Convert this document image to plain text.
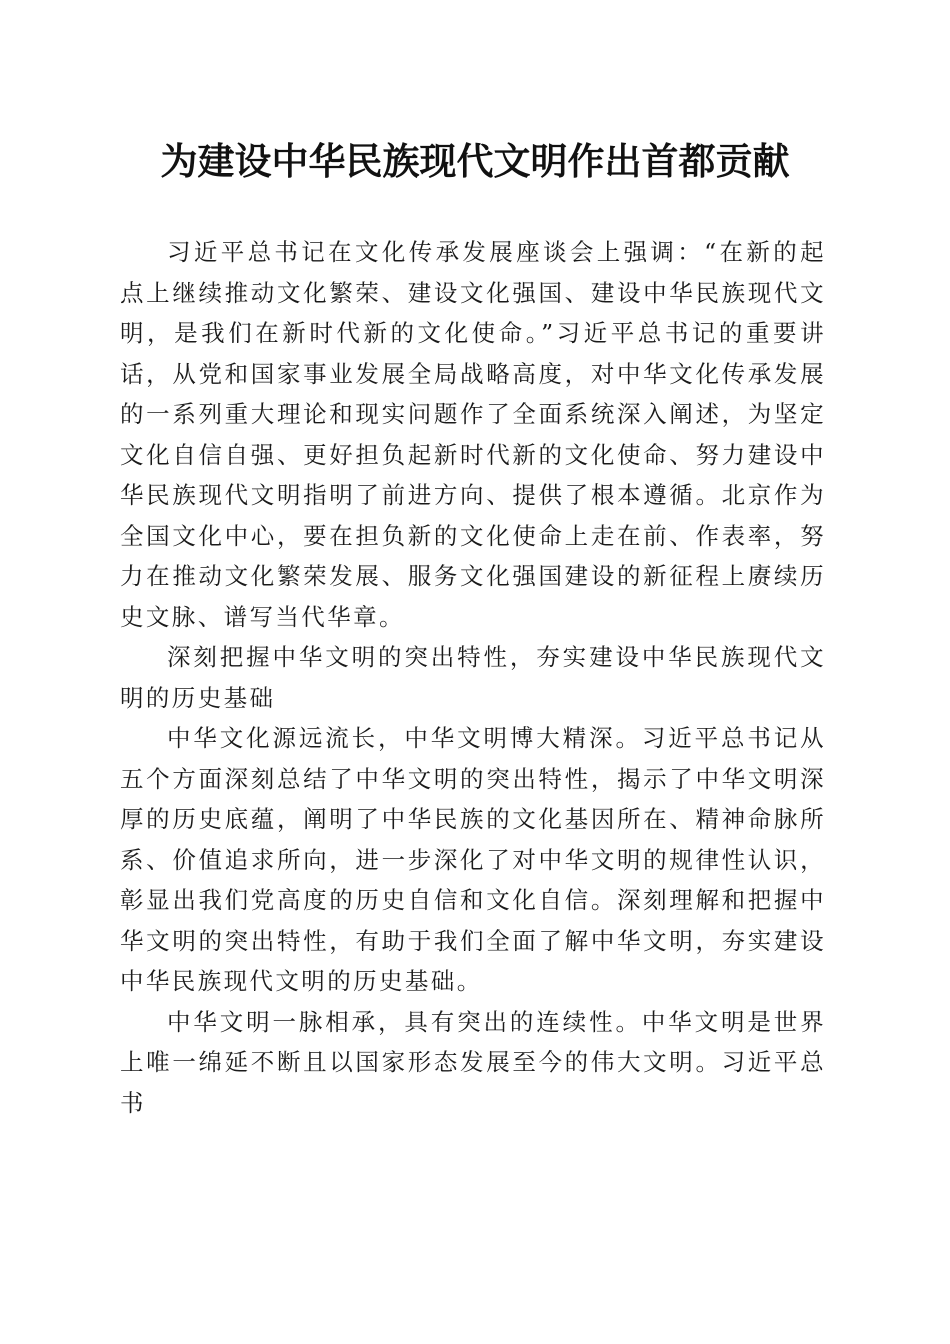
为建设中华民族现代文明作出首都贡献

习近平总书记在文化传承发展座谈会上强调：“在新的起点上继续推动文化繁荣、建设文化强国、建设中华民族现代文明，是我们在新时代新的文化使命。”习近平总书记的重要讲话，从党和国家事业发展全局战略高度，对中华文化传承发展的一系列重大理论和现实问题作了全面系统深入阐述，为坚定文化自信自强、更好担负起新时代新的文化使命、努力建设中华民族现代文明指明了前进方向、提供了根本遵循。北京作为全国文化中心，要在担负新的文化使命上走在前、作表率，努力在推动文化繁荣发展、服务文化强国建设的新征程上赓续历史文脉、谱写当代华章。

深刻把握中华文明的突出特性，夯实建设中华民族现代文明的历史基础

中华文化源远流长，中华文明博大精深。习近平总书记从五个方面深刻总结了中华文明的突出特性，揭示了中华文明深厚的历史底蕴，阐明了中华民族的文化基因所在、精神命脉所系、价值追求所向，进一步深化了对中华文明的规律性认识，彰显出我们党高度的历史自信和文化自信。深刻理解和把握中华文明的突出特性，有助于我们全面了解中华文明，夯实建设中华民族现代文明的历史基础。

中华文明一脉相承，具有突出的连续性。中华文明是世界上唯一绵延不断且以国家形态发展至今的伟大文明。习近平总书
